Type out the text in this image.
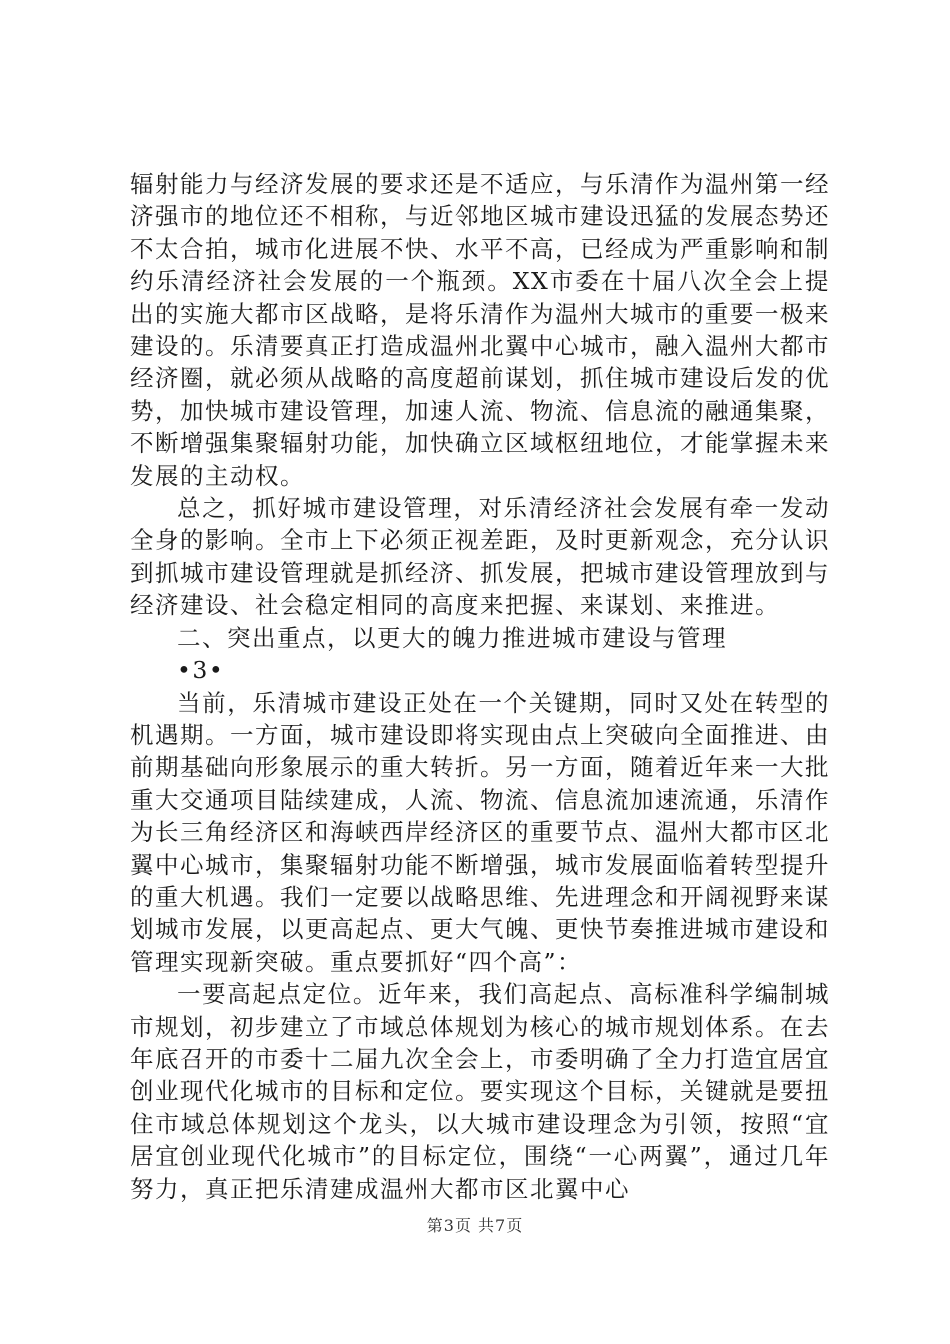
辐射能力与经济发展的要求还是不适应，与乐清作为温州第一经济强市的地位还不相称，与近邻地区城市建设迅猛的发展态势还不太合拍，城市化进展不快、水平不高，已经成为严重影响和制约乐清经济社会发展的一个瓶颈。XX市委在十届八次全会上提出的实施大都市区战略，是将乐清作为温州大城市的重要一极来建设的。乐清要真正打造成温州北翼中心城市，融入温州大都市经济圈，就必须从战略的高度超前谋划，抓住城市建设后发的优势，加快城市建设管理，加速人流、物流、信息流的融通集聚，不断增强集聚辐射功能，加快确立区域枢纽地位，才能掌握未来发展的主动权。

总之，抓好城市建设管理，对乐清经济社会发展有牵一发动全身的影响。全市上下必须正视差距，及时更新观念，充分认识到抓城市建设管理就是抓经济、抓发展，把城市建设管理放到与经济建设、社会稳定相同的高度来把握、来谋划、来推进。

二、突出重点，以更大的魄力推进城市建设与管理

•3•

当前，乐清城市建设正处在一个关键期，同时又处在转型的机遇期。一方面，城市建设即将实现由点上突破向全面推进、由前期基础向形象展示的重大转折。另一方面，随着近年来一大批重大交通项目陆续建成，人流、物流、信息流加速流通，乐清作为长三角经济区和海峡西岸经济区的重要节点、温州大都市区北翼中心城市，集聚辐射功能不断增强，城市发展面临着转型提升的重大机遇。我们一定要以战略思维、先进理念和开阔视野来谋划城市发展，以更高起点、更大气魄、更快节奏推进城市建设和管理实现新突破。重点要抓好“四个高”：

一要高起点定位。近年来，我们高起点、高标准科学编制城市规划，初步建立了市域总体规划为核心的城市规划体系。在去年底召开的市委十二届九次全会上，市委明确了全力打造宜居宜创业现代化城市的目标和定位。要实现这个目标，关键就是要扭住市域总体规划这个龙头，以大城市建设理念为引领，按照“宜居宜创业现代化城市”的目标定位，围绕“一心两翼”，通过几年努力，真正把乐清建成温州大都市区北翼中心

第3页 共7页
